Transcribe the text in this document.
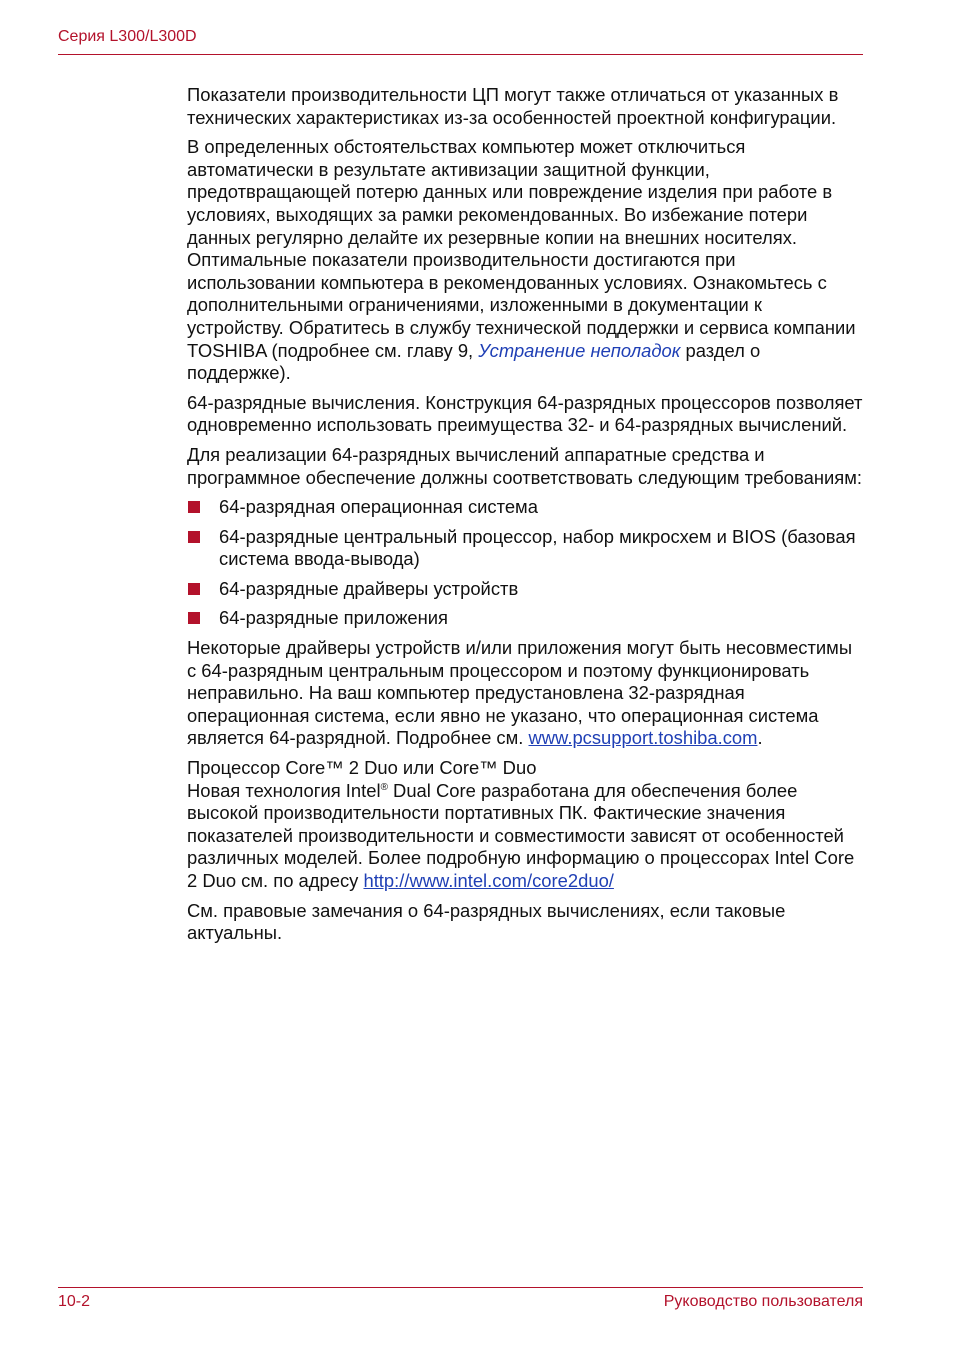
Серия L300/L300D

Показатели производительности ЦП могут также отличаться от указанных в технических характеристиках из-за особенностей проектной конфигурации.

В определенных обстоятельствах компьютер может отключиться автоматически в результате активизации защитной функции, предотвращающей потерю данных или повреждение изделия при работе в условиях, выходящих за рамки рекомендованных. Во избежание потери данных регулярно делайте их резервные копии на внешних носителях. Оптимальные показатели производительности достигаются при использовании компьютера в рекомендованных условиях. Ознакомьтесь с дополнительными ограничениями, изложенными в документации к устройству. Обратитесь в службу технической поддержки и сервиса компании TOSHIBA (подробнее см. главу 9, Устранение неполадок раздел о поддержке).

64-разрядные вычисления. Конструкция 64-разрядных процессоров позволяет одновременно использовать преимущества 32- и 64-разрядных вычислений.

Для реализации 64-разрядных вычислений аппаратные средства и программное обеспечение должны соответствовать следующим требованиям:

64-разрядная операционная система
64-разрядные центральный процессор, набор микросхем и BIOS (базовая система ввода-вывода)
64-разрядные драйверы устройств
64-разрядные приложения

Некоторые драйверы устройств и/или приложения могут быть несовместимы с 64-разрядным центральным процессором и поэтому функционировать неправильно. На ваш компьютер предустановлена 32-разрядная операционная система, если явно не указано, что операционная система является 64-разрядной. Подробнее см. www.pcsupport.toshiba.com.

Процессор Core™ 2 Duo или Core™ Duo

Новая технология Intel® Dual Core разработана для обеспечения более высокой производительности портативных ПК. Фактические значения показателей производительности и совместимости зависят от особенностей различных моделей. Более подробную информацию о процессорах Intel Core 2 Duo см. по адресу http://www.intel.com/core2duo/

См. правовые замечания о 64-разрядных вычислениях, если таковые актуальны.

10-2	Руководство пользователя
